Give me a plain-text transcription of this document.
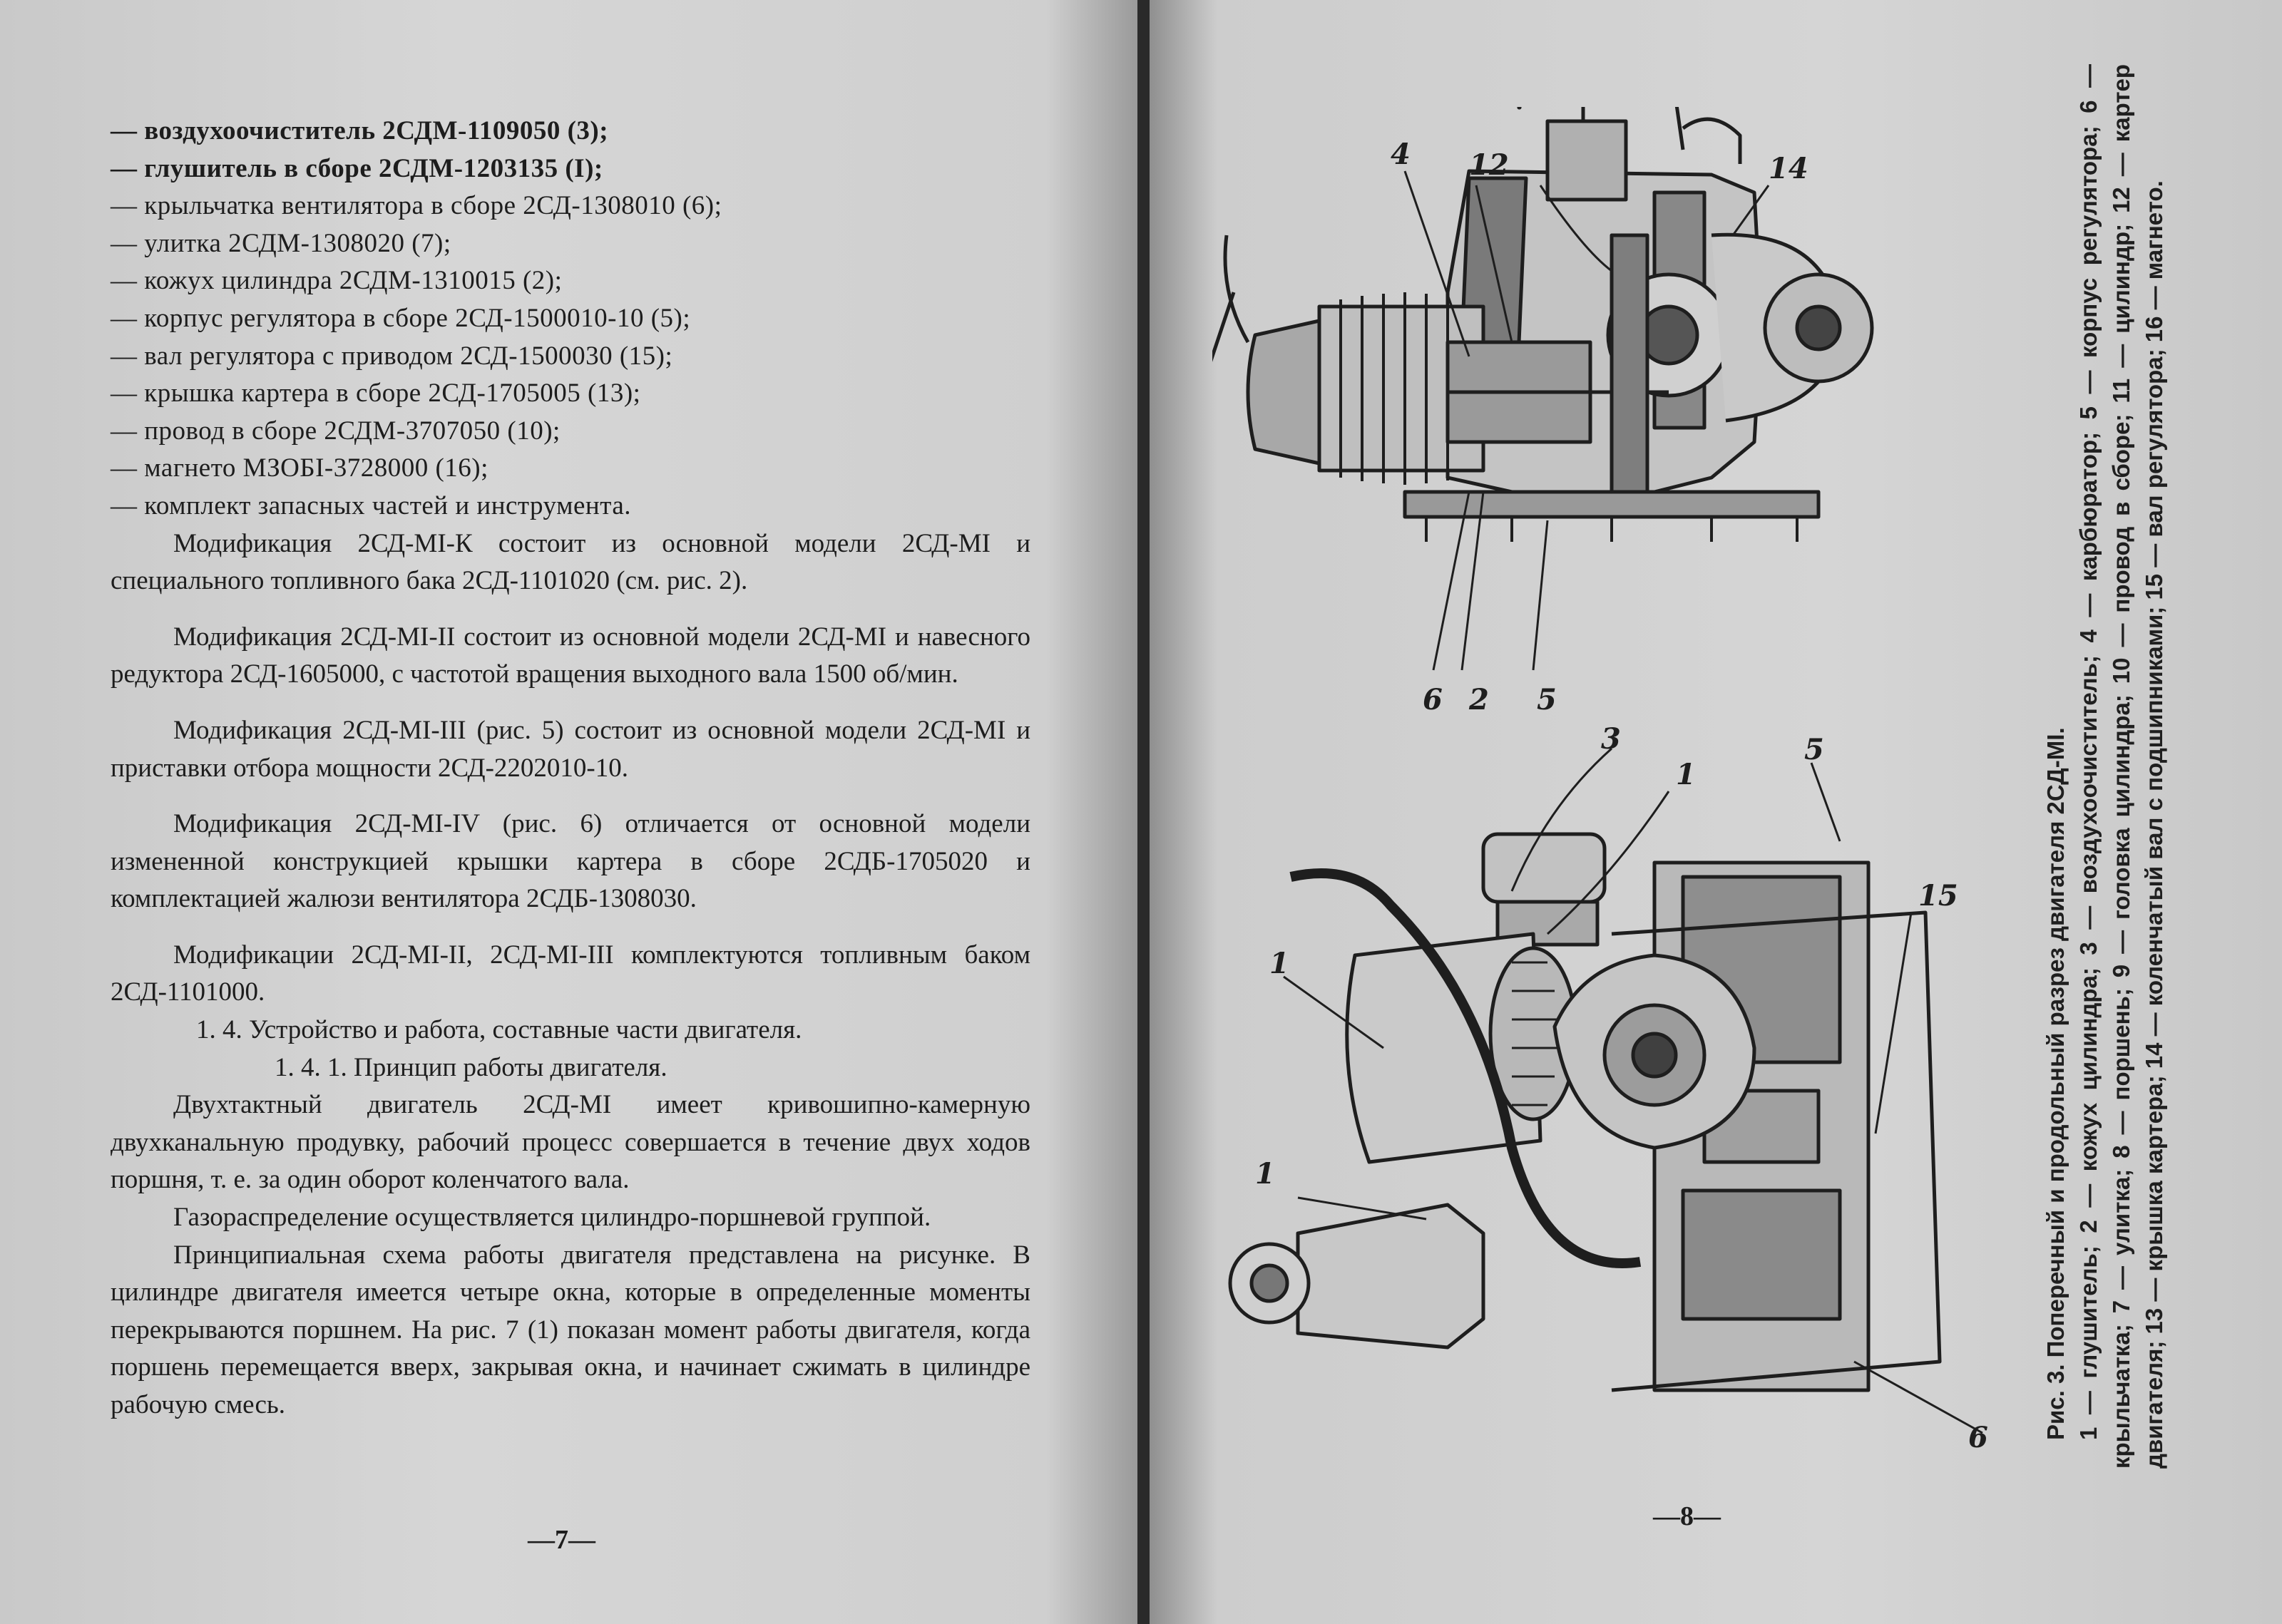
— воздухоочиститель 2СДМ-1109050 (3);

— глушитель в сборе 2СДМ-1203135 (I);

— крыльчатка вентилятора в сборе 2СД-1308010 (6);

— улитка 2СДМ-1308020 (7);

— кожух цилиндра 2СДМ-1310015 (2);

— корпус регулятора в сборе 2СД-1500010-10 (5);

— вал регулятора с приводом 2СД-1500030 (15);

— крышка картера в сборе 2СД-1705005 (13);

— провод в сборе 2СДМ-3707050 (10);

— магнето МЗОБI-3728000 (16);

— комплект запасных частей и инструмента.

Модификация 2СД-МI-К состоит из основной модели 2СД-МI и специального топливного бака 2СД-1101020 (см. рис. 2).

Модификация 2СД-МI-II состоит из основной модели 2СД-МI и навесного редуктора 2СД-1605000, с частотой вращения выходного вала 1500 об/мин.

Модификация 2СД-МI-III (рис. 5) состоит из основной модели 2СД-МI и приставки отбора мощности 2СД-2202010-10.

Модификация 2СД-МI-IV (рис. 6) отличается от основной модели измененной конструкцией крышки картера в сборе 2СДБ-1705020 и комплектацией жалюзи вентилятора 2СДБ-1308030.

Модификации 2СД-МI-II, 2СД-МI-III комплектуются топливным баком 2СД-1101000.

1. 4. Устройство и работа, составные части двигателя.

1. 4. 1. Принцип работы двигателя.

Двухтактный двигатель 2СД-МI имеет кривошипно-камерную двухканальную продувку, рабочий процесс совершается в течение двух ходов поршня, т. е. за один оборот коленчатого вала.

Газораспределение осуществляется цилиндро-поршневой группой.

Принципиальная схема работы двигателя представлена на рисунке. В цилиндре двигателя имеется четыре окна, которые в определенные моменты перекрываются поршнем. На рис. 7 (1) показан момент работы двигателя, когда поршень перемещается вверх, закрывая окна, и начинает сжимать в цилиндре рабочую смесь.

—7—
4 12	14
6 2 5
3
1
5
15
1
1
6
—8—

Рис. 3. Поперечный и продольный разрез двигателя 2СД-МI. 1 — глушитель; 2 — кожух цилиндра; 3 — воздухоочиститель; 4 — карбюратор; 5 — корпус регулятора; 6 — крыльчатка; 7 — улитка; 8 — поршень; 9 — головка цилиндра; 10 — провод в сборе; 11 — цилиндр; 12 — картер двигателя; 13 — крышка картера; 14 — коленчатый вал с подшипниками; 15 — вал регулятора; 16 — магнето.
